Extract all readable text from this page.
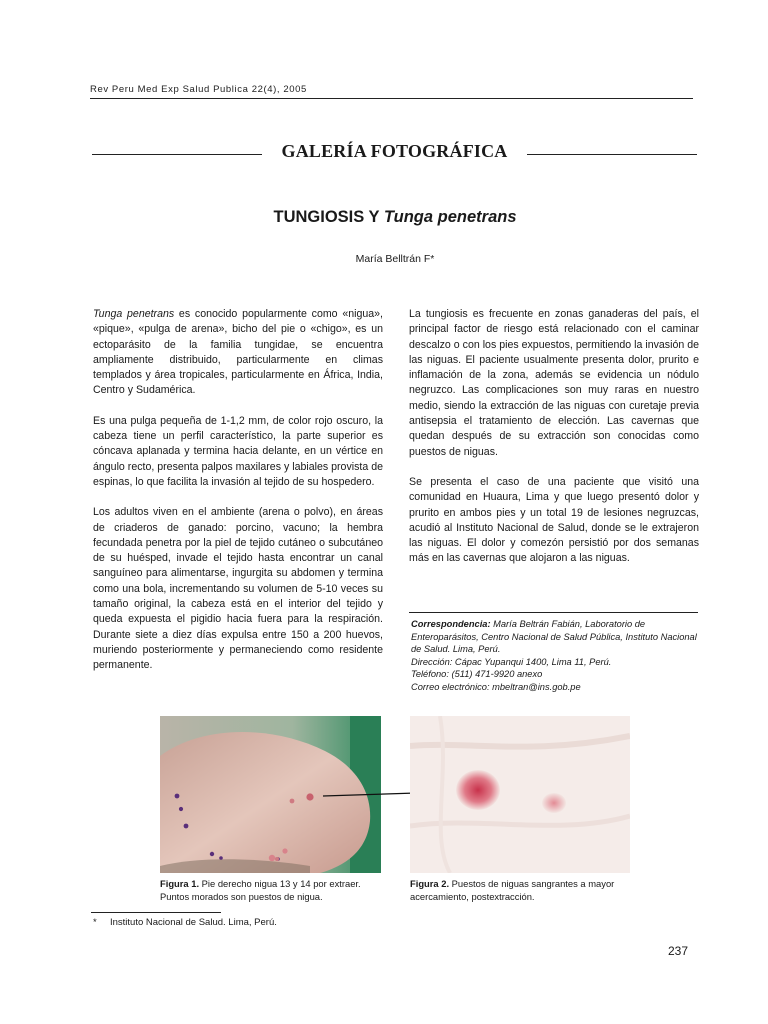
Rev Peru Med Exp Salud Publica 22(4), 2005
GALERÍA FOTOGRÁFICA
TUNGIOSIS Y Tunga penetrans
María Belltrán F*

Tunga penetrans es conocido popularmente como «nigua», «pique», «pulga de arena», bicho del pie o «chigo», es un ectoparásito de la familia tungidae, se encuentra ampliamente distribuido, particularmente en climas templados y área tropicales, particularmente en África, India, Centro y Sudamérica.

Es una pulga pequeña de 1-1,2 mm, de color rojo oscuro, la cabeza tiene un perfil característico, la parte superior es cóncava aplanada y termina hacia delante, en un vértice en ángulo recto, presenta palpos maxilares y labiales provista de espinas, lo que facilita la invasión al tejido de su hospedero.

Los adultos viven en el ambiente (arena o polvo), en áreas de criaderos de ganado: porcino, vacuno; la hembra fecundada penetra por la piel de tejido cutáneo o subcutáneo de su huésped, invade el tejido hasta encontrar un canal sanguíneo para alimentarse, ingurgita su abdomen y termina como una bola, incrementando su volumen de 5-10 veces su tamaño original, la cabeza está en el interior del tejido y queda expuesta el pigidio hacia fuera para la respiración. Durante siete a diez días expulsa entre 150 a 200 huevos, muriendo posteriormente y permaneciendo como residente permanente.

La tungiosis es frecuente en zonas ganaderas del país, el principal factor de riesgo está relacionado con el caminar descalzo o con los pies expuestos, permitiendo la invasión de las niguas. El paciente usualmente presenta dolor, prurito e inflamación de la zona, además se evidencia un nódulo negruzco. Las complicaciones son muy raras en nuestro medio, siendo la extracción de las niguas con curetaje previa antisepsia el tratamiento de elección. Las cavernas que quedan después de su extracción son conocidas como puestos de niguas.

Se presenta el caso de una paciente que visitó una comunidad en Huaura, Lima y que luego presentó dolor y prurito en ambos pies y un total 19 de lesiones negruzcas, acudió al Instituto Nacional de Salud, donde se le extrajeron las niguas. El dolor y comezón persistió por dos semanas más en las cavernas que alojaron a las niguas.

Correspondencia: María Beltrán Fabián, Laboratorio de Enteroparásitos, Centro Nacional de Salud Pública, Instituto Nacional de Salud. Lima, Perú.
Dirección: Cápac Yupanqui 1400, Lima 11, Perú.
Teléfono: (511) 471-9920 anexo
Correo electrónico: mbeltran@ins.gob.pe
Figura 1. Pie derecho nigua 13 y 14 por extraer. Puntos morados son puestos de nigua.
Figura 2. Puestos de niguas sangrantes a mayor acercamiento, postextracción.
* Instituto Nacional de Salud. Lima, Perú.
237
